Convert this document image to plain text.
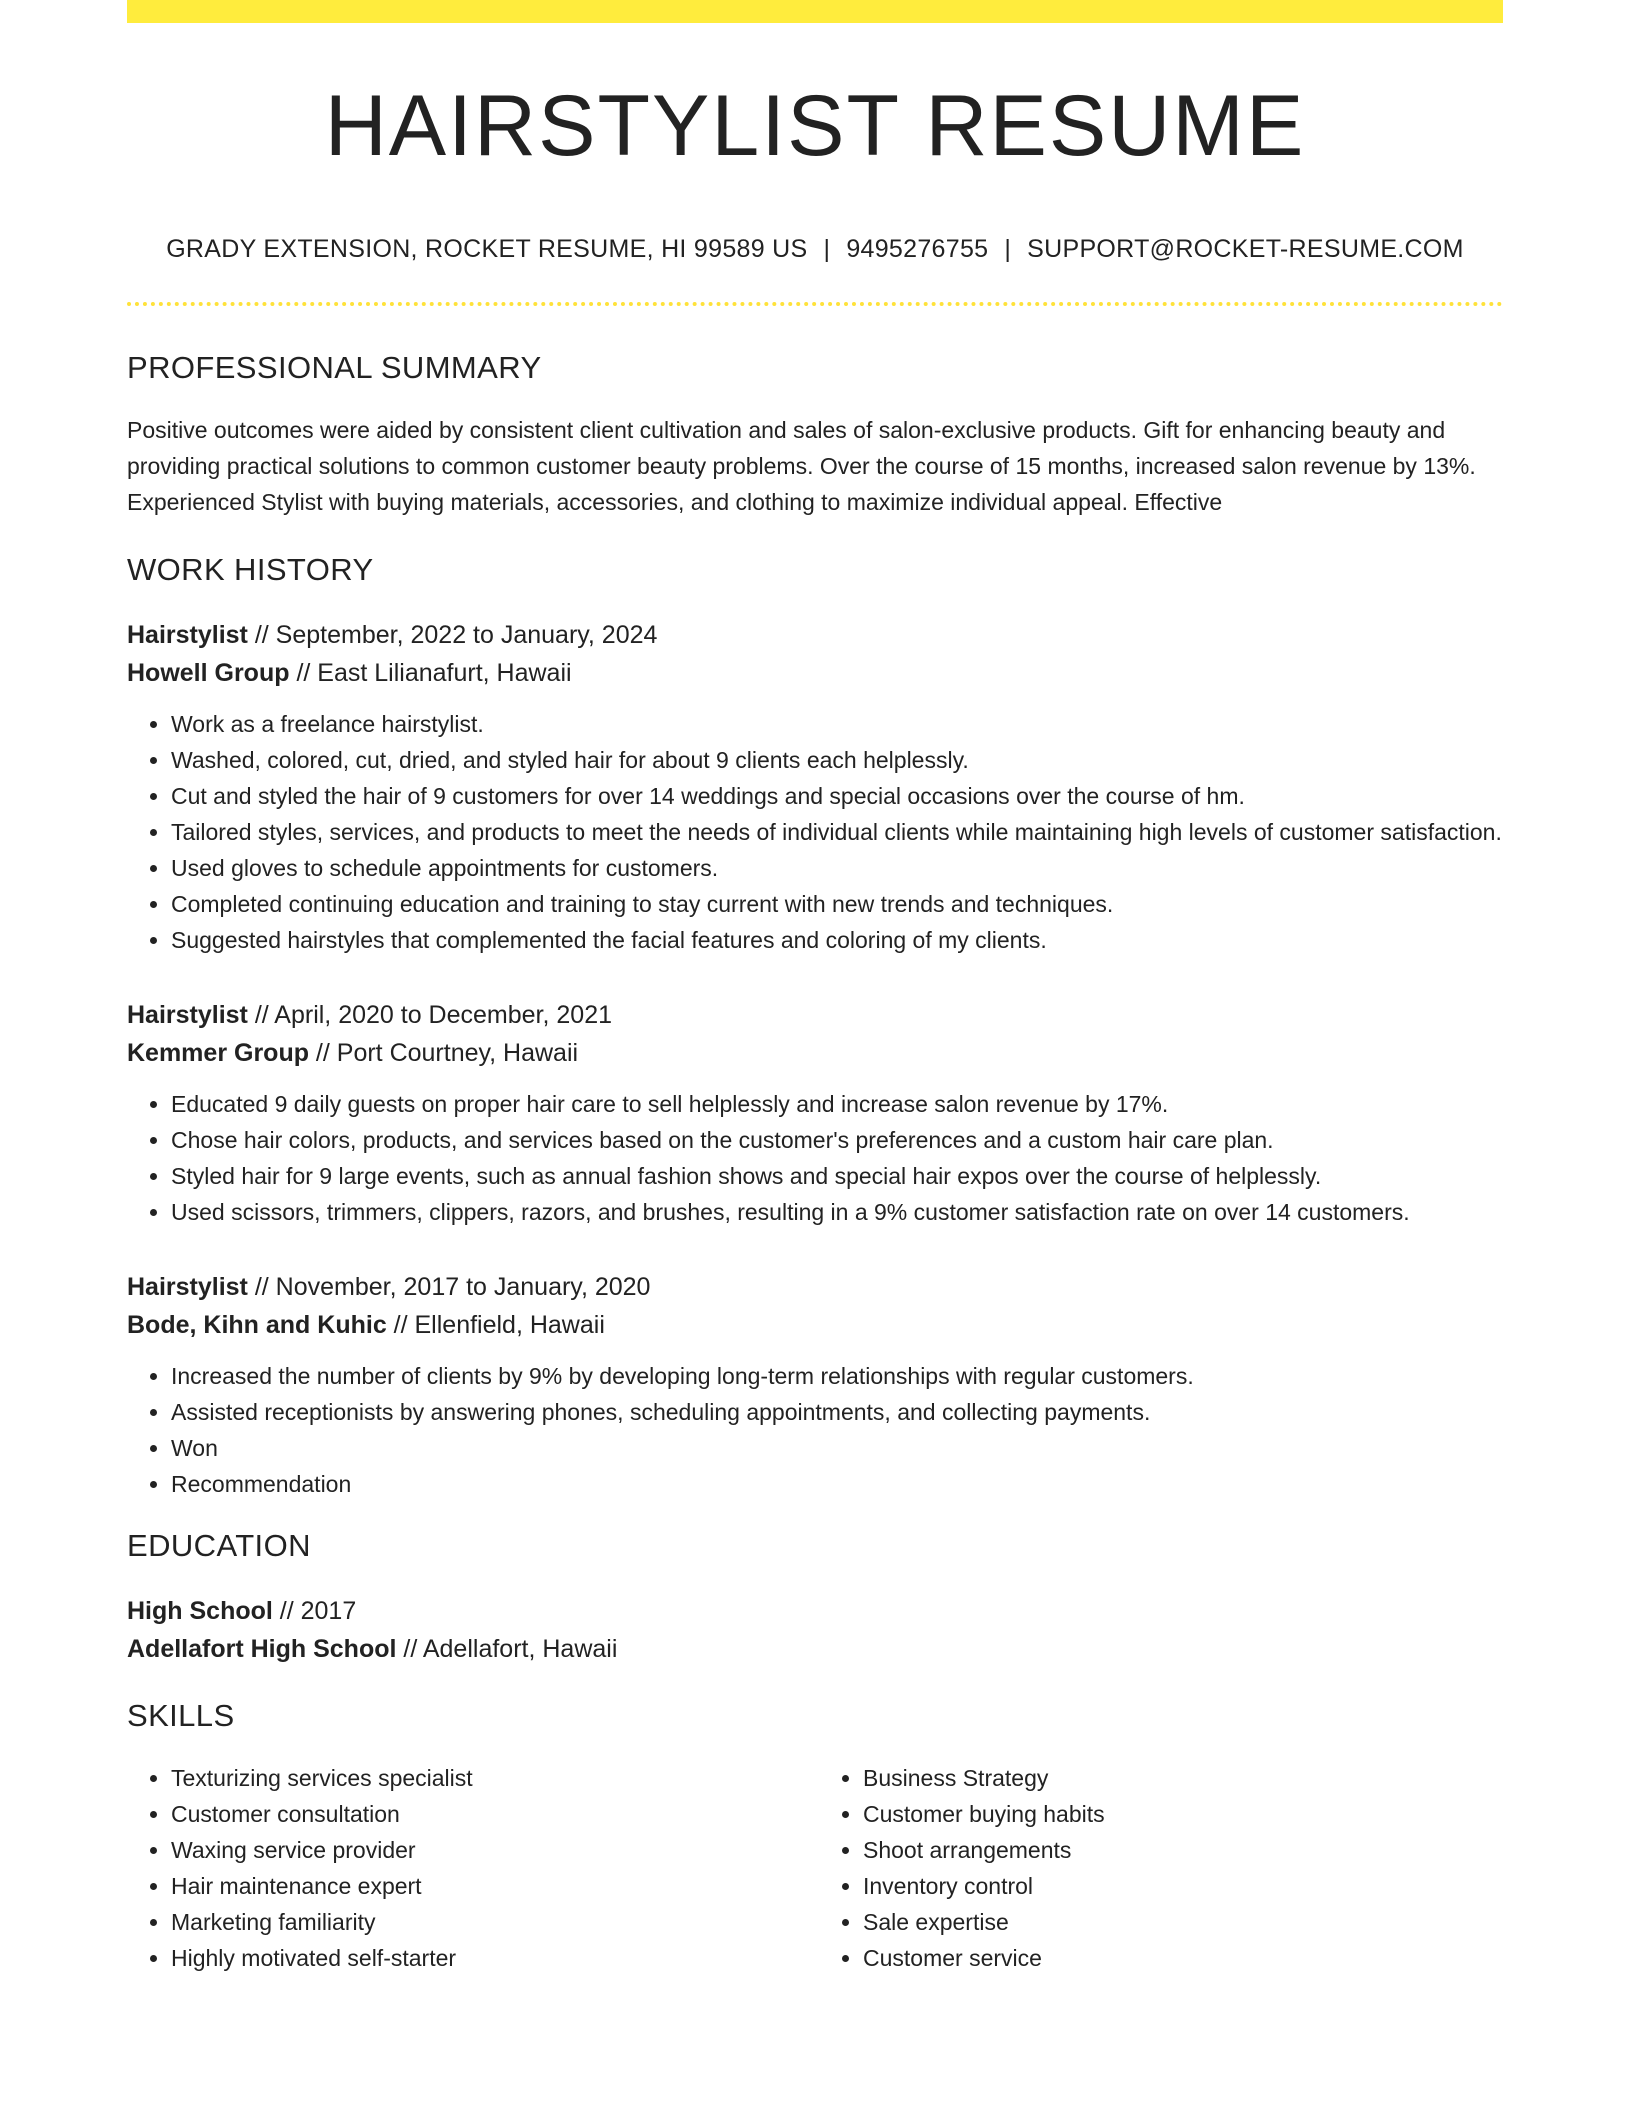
HAIRSTYLIST RESUME
GRADY EXTENSION, ROCKET RESUME, HI 99589 US | 9495276755 | SUPPORT@ROCKET-RESUME.COM
PROFESSIONAL SUMMARY

Positive outcomes were aided by consistent client cultivation and sales of salon-exclusive products. Gift for enhancing beauty and providing practical solutions to common customer beauty problems. Over the course of 15 months, increased salon revenue by 13%. Experienced Stylist with buying materials, accessories, and clothing to maximize individual appeal. Effective

WORK HISTORY
Hairstylist // September, 2022 to January, 2024
Howell Group // East Lilianafurt, Hawaii
• Work as a freelance hairstylist.
• Washed, colored, cut, dried, and styled hair for about 9 clients each helplessly.
• Cut and styled the hair of 9 customers for over 14 weddings and special occasions over the course of hm.
• Tailored styles, services, and products to meet the needs of individual clients while maintaining high levels of customer satisfaction.
• Used gloves to schedule appointments for customers.
• Completed continuing education and training to stay current with new trends and techniques.
• Suggested hairstyles that complemented the facial features and coloring of my clients.
Hairstylist // April, 2020 to December, 2021
Kemmer Group // Port Courtney, Hawaii
• Educated 9 daily guests on proper hair care to sell helplessly and increase salon revenue by 17%.
• Chose hair colors, products, and services based on the customer's preferences and a custom hair care plan.
• Styled hair for 9 large events, such as annual fashion shows and special hair expos over the course of helplessly.
• Used scissors, trimmers, clippers, razors, and brushes, resulting in a 9% customer satisfaction rate on over 14 customers.
Hairstylist // November, 2017 to January, 2020
Bode, Kihn and Kuhic // Ellenfield, Hawaii
• Increased the number of clients by 9% by developing long-term relationships with regular customers.
• Assisted receptionists by answering phones, scheduling appointments, and collecting payments.
• Won
• Recommendation
EDUCATION
High School // 2017
Adellafort High School // Adellafort, Hawaii
SKILLS
• Texturizing services specialist
• Customer consultation
• Waxing service provider
• Hair maintenance expert
• Marketing familiarity
• Highly motivated self-starter
• Business Strategy
• Customer buying habits
• Shoot arrangements
• Inventory control
• Sale expertise
• Customer service
